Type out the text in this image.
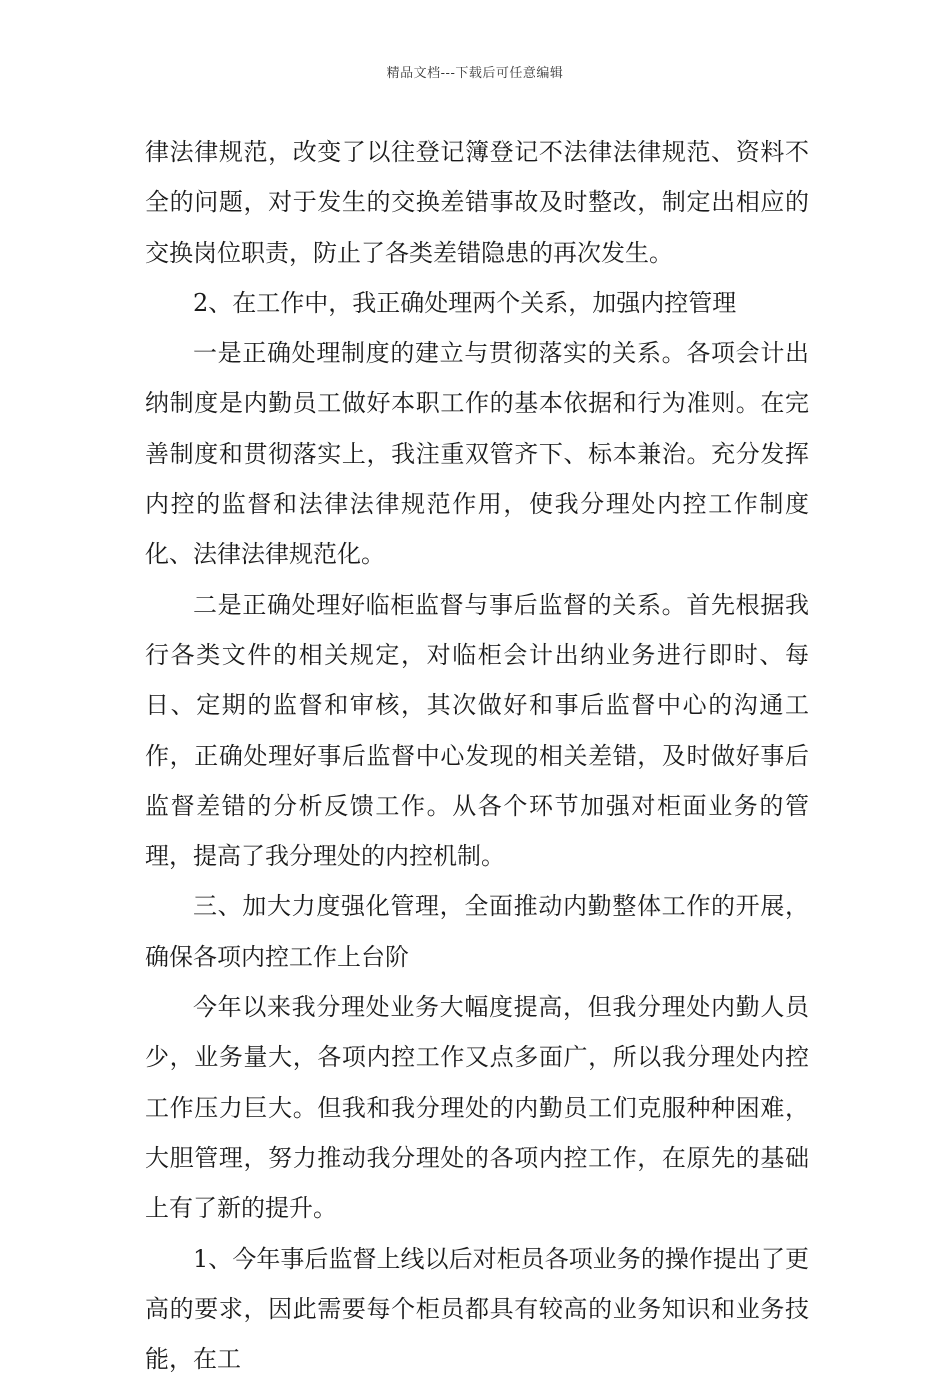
精品文档---下载后可任意编辑

律法律规范，改变了以往登记簿登记不法律法律规范、资料不全的问题，对于发生的交换差错事故及时整改，制定出相应的交换岗位职责，防止了各类差错隐患的再次发生。

2、在工作中，我正确处理两个关系，加强内控管理

一是正确处理制度的建立与贯彻落实的关系。各项会计出纳制度是内勤员工做好本职工作的基本依据和行为准则。在完善制度和贯彻落实上，我注重双管齐下、标本兼治。充分发挥内控的监督和法律法律规范作用，使我分理处内控工作制度化、法律法律规范化。

二是正确处理好临柜监督与事后监督的关系。首先根据我行各类文件的相关规定，对临柜会计出纳业务进行即时、每日、定期的监督和审核，其次做好和事后监督中心的沟通工作，正确处理好事后监督中心发现的相关差错，及时做好事后监督差错的分析反馈工作。从各个环节加强对柜面业务的管理，提高了我分理处的内控机制。

三、加大力度强化管理，全面推动内勤整体工作的开展，确保各项内控工作上台阶

今年以来我分理处业务大幅度提高，但我分理处内勤人员少，业务量大，各项内控工作又点多面广，所以我分理处内控工作压力巨大。但我和我分理处的内勤员工们克服种种困难，大胆管理，努力推动我分理处的各项内控工作，在原先的基础上有了新的提升。

1、今年事后监督上线以后对柜员各项业务的操作提出了更高的要求，因此需要每个柜员都具有较高的业务知识和业务技能，在工
